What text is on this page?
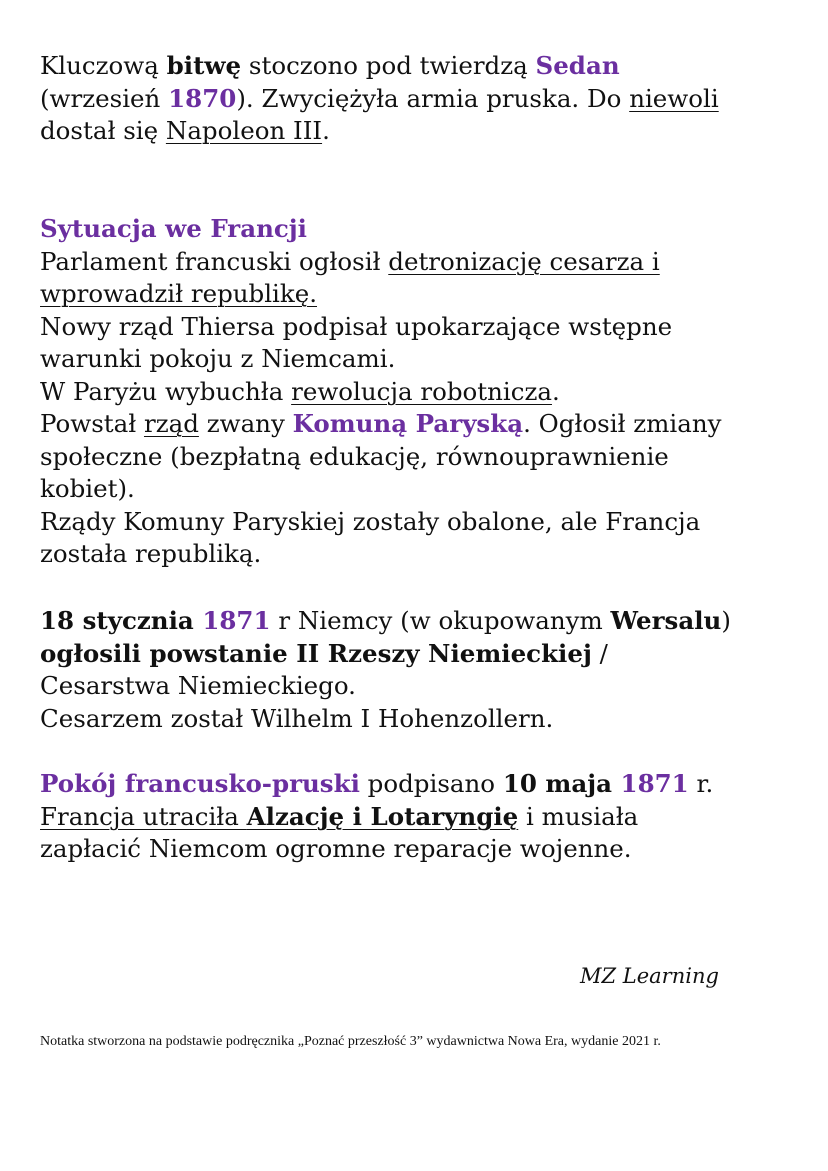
Kluczową bitwę stoczono pod twierdzą Sedan
(wrzesień 1870). Zwyciężyła armia pruska. Do niewoli
dostał się Napoleon III.
Sytuacja we Francji
Parlament francuski ogłosił detronizację cesarza i
wprowadził republikę.
Nowy rząd Thiersa podpisał upokarzające wstępne
warunki pokoju z Niemcami.
W Paryżu wybuchła rewolucja robotnicza.
Powstał rząd zwany Komuną Paryską. Ogłosił zmiany
społeczne (bezpłatną edukację, równouprawnienie
kobiet).
Rządy Komuny Paryskiej zostały obalone, ale Francja
została republiką.
18 stycznia 1871 r Niemcy (w okupowanym Wersalu)
ogłosili powstanie II Rzeszy Niemieckiej /
Cesarstwa Niemieckiego.
Cesarzem został Wilhelm I Hohenzollern.
Pokój francusko-pruski podpisano 10 maja 1871 r.
Francja utraciła Alzację i Lotaryngię i musiała
zapłacić Niemcom ogromne reparacje wojenne.
MZ Learning
Notatka stworzona na podstawie podręcznika „Poznać przeszłość 3” wydawnictwa Nowa Era, wydanie 2021 r.
